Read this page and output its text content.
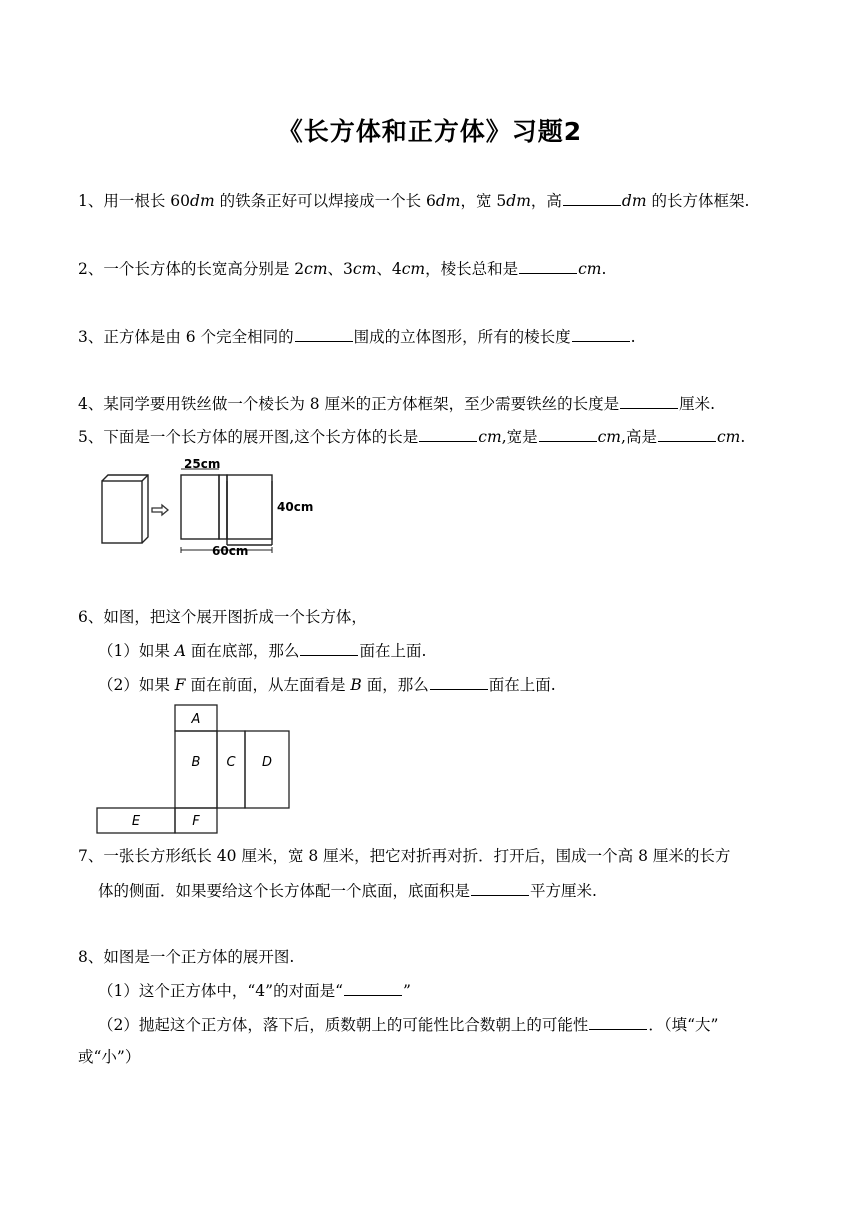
《长方体和正方体》习题2
1、用一根长 60dm 的铁条正好可以焊接成一个长 6dm，宽 5dm，高	dm 的长方体框架.
2、一个长方体的长宽高分别是 2cm、3cm、4cm，棱长总和是	cm.
3、正方体是由 6 个完全相同的	围成的立体图形，所有的棱长度	.
4、某同学要用铁丝做一个棱长为 8 厘米的正方体框架，至少需要铁丝的长度是	厘米.
5、下面是一个长方体的展开图,这个长方体的长是	cm,宽是	cm,高是	cm.
25cm
40cm
60cm
6、如图，把这个展开图折成一个长方体，
（1）如果 A 面在底部，那么	面在上面.
（2）如果 F 面在前面，从左面看是 B 面，那么	面在上面.
A
B C D
E	F
7、一张长方形纸长 40 厘米，宽 8 厘米，把它对折再对折．打开后，围成一个高 8 厘米的长方
体的侧面．如果要给这个长方体配一个底面，底面积是	平方厘米.
8、如图是一个正方体的展开图.
（1）这个正方体中，“4”的对面是“	”
（2）抛起这个正方体，落下后，质数朝上的可能性比合数朝上的可能性	．（填“大”
或“小”）
